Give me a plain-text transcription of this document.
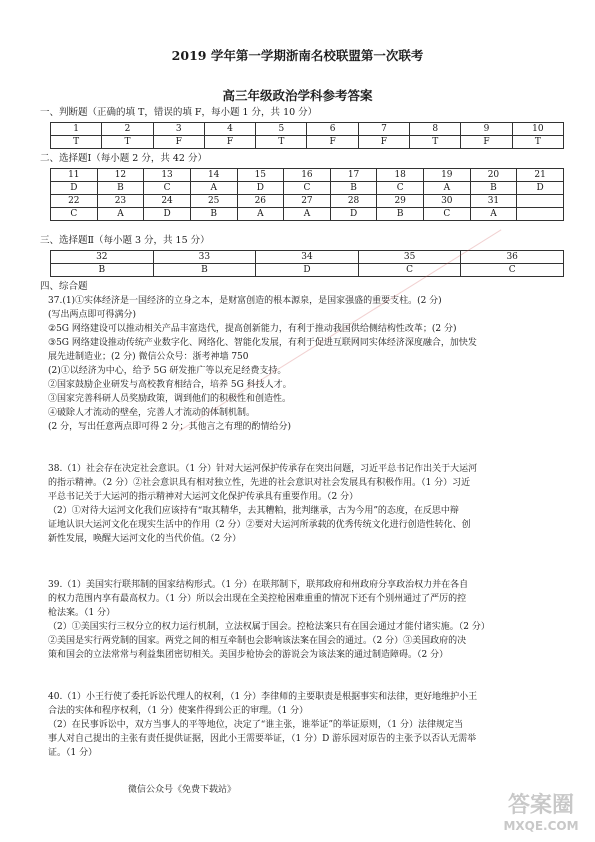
2019 学年第一学期浙南名校联盟第一次联考
高三年级政治学科参考答案
一、判断题（正确的填 T，错误的填 F，每小题 1 分，共 10 分）
1	2	3	4	5	6	7	8	9	10
T	T	F	F	T	F	F	T	F	T
二、选择题Ⅰ（每小题 2 分，共 42 分）
11	12	13	14	15	16	17	18	19	20	21
D	B	C	A	D	C	B	C	A	B	D
22	23	24	25	26	27	28	29	30	31	
C	A	D	B	A	A	D	B	C	A	
三、选择题Ⅱ（每小题 3 分，共 15 分）
32	33	34	35	36
B	B	D	C	C
四、综合题

37.(1)①实体经济是一国经济的立身之本，是财富创造的根本源泉，是国家强盛的重要支柱。(2 分)

(写出两点即可得满分)

②5G 网络建设可以推动相关产品丰富迭代，提高创新能力，有利于推动我国供给侧结构性改革；(2 分)

③5G 网络建设推动传统产业数字化、网络化、智能化发展，有利于促进互联网同实体经济深度融合，加快发

展先进制造业；(2 分) 微信公众号：浙考神墙 750

(2)①以经济为中心，给予 5G 研发推广等以充足经费支持。

②国家鼓励企业研发与高校教育相结合，培养 5G 科技人才。

③国家完善科研人员奖励政策，调到他们的积极性和创造性。

④破除人才流动的壁垒，完善人才流动的体制机制。

(2 分，写出任意两点即可得 2 分；其他言之有理的酌情给分)

38.（1）社会存在决定社会意识。（1 分）针对大运河保护传承存在突出问题，习近平总书记作出关于大运河

的指示精神。（2 分）②社会意识具有相对独立性，先进的社会意识对社会发展具有积极作用。（1 分）习近

平总书记关于大运河的指示精神对大运河文化保护传承具有重要作用。（2 分）

（2）①对待大运河文化我们应该持有“取其精华，去其糟粕，批判继承，古为今用”的态度，在反思中辩

证地认识大运河文化在现实生活中的作用（2 分）②要对大运河所承载的优秀传统文化进行创造性转化、创

新性发展，唤醒大运河文化的当代价值。（2 分）

39.（1）美国实行联邦制的国家结构形式。（1 分）在联邦制下，联邦政府和州政府分享政治权力并在各自

的权力范围内享有最高权力。（1 分）所以会出现在全美控枪困难重重的情况下还有个别州通过了严厉的控

枪法案。（1 分）

（2）①美国实行三权分立的权力运行机制，立法权属于国会。控枪法案只有在国会通过才能付诸实施。（2 分）

②美国是实行两党制的国家。两党之间的相互牵制也会影响该法案在国会的通过。（2 分）③美国政府的决

策和国会的立法常常与利益集团密切相关。美国步枪协会的游说会为该法案的通过制造障碍。（2 分）

40.（1）小王行使了委托诉讼代理人的权利，（1 分）李律师的主要职责是根据事实和法律，更好地维护小王

合法的实体和程序权利，（1 分）使案件得到公正的审理。（1 分）

（2）在民事诉讼中，双方当事人的平等地位，决定了“谁主张，谁举证”的举证原则，（1 分）法律规定当

事人对自己提出的主张有责任提供证据，因此小王需要举证，（1 分）D 游乐园对原告的主张予以否认无需举

证。（1 分）

微信公众号《免费下载站》
答案圈
MXQE.COM
